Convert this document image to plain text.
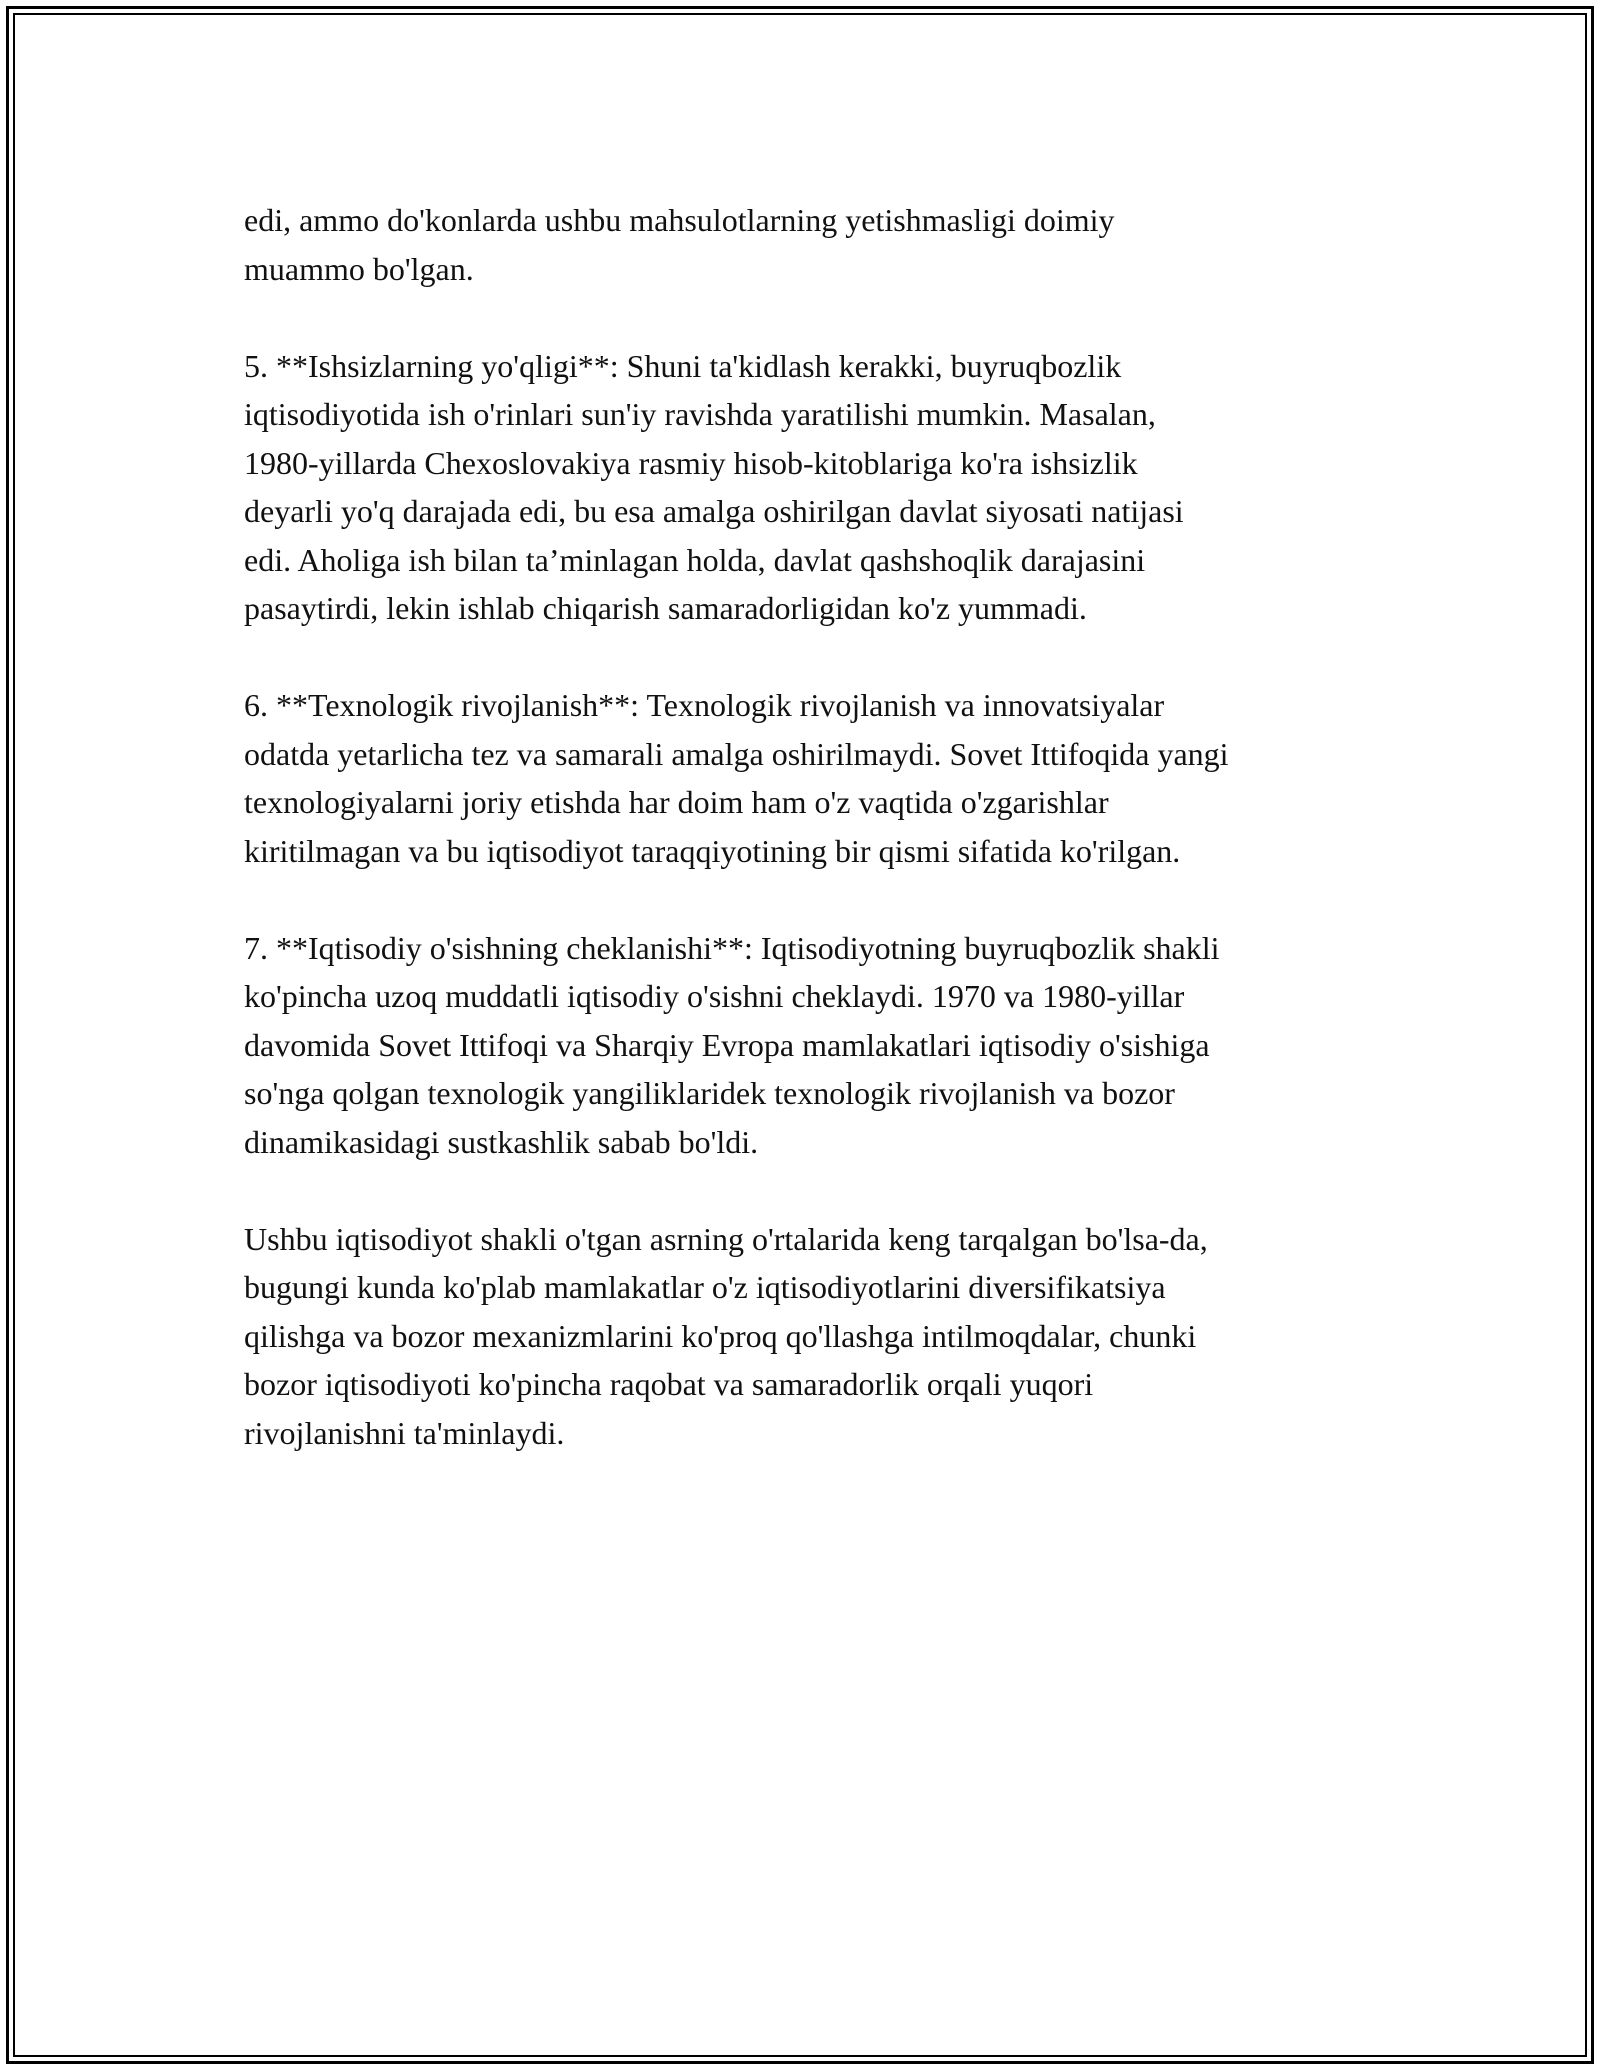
edi, ammo do'konlarda ushbu mahsulotlarning yetishmasligi doimiy
muammo bo'lgan.

5. **Ishsizlarning yo'qligi**: Shuni ta'kidlash kerakki, buyruqbozlik
iqtisodiyotida ish o'rinlari sun'iy ravishda yaratilishi mumkin. Masalan,
1980-yillarda Chexoslovakiya rasmiy hisob-kitoblariga ko'ra ishsizlik
deyarli yo'q darajada edi, bu esa amalga oshirilgan davlat siyosati natijasi
edi. Aholiga ish bilan ta’minlagan holda, davlat qashshoqlik darajasini
pasaytirdi, lekin ishlab chiqarish samaradorligidan ko'z yummadi.

6. **Texnologik rivojlanish**: Texnologik rivojlanish va innovatsiyalar
odatda yetarlicha tez va samarali amalga oshirilmaydi. Sovet Ittifoqida yangi
texnologiyalarni joriy etishda har doim ham o'z vaqtida o'zgarishlar
kiritilmagan va bu iqtisodiyot taraqqiyotining bir qismi sifatida ko'rilgan.

7. **Iqtisodiy o'sishning cheklanishi**: Iqtisodiyotning buyruqbozlik shakli
ko'pincha uzoq muddatli iqtisodiy o'sishni cheklaydi. 1970 va 1980-yillar
davomida Sovet Ittifoqi va Sharqiy Evropa mamlakatlari iqtisodiy o'sishiga
so'nga qolgan texnologik yangiliklaridek texnologik rivojlanish va bozor
dinamikasidagi sustkashlik sabab bo'ldi.

Ushbu iqtisodiyot shakli o'tgan asrning o'rtalarida keng tarqalgan bo'lsa-da,
bugungi kunda ko'plab mamlakatlar o'z iqtisodiyotlarini diversifikatsiya
qilishga va bozor mexanizmlarini ko'proq qo'llashga intilmoqdalar, chunki
bozor iqtisodiyoti ko'pincha raqobat va samaradorlik orqali yuqori
rivojlanishni ta'minlaydi.
